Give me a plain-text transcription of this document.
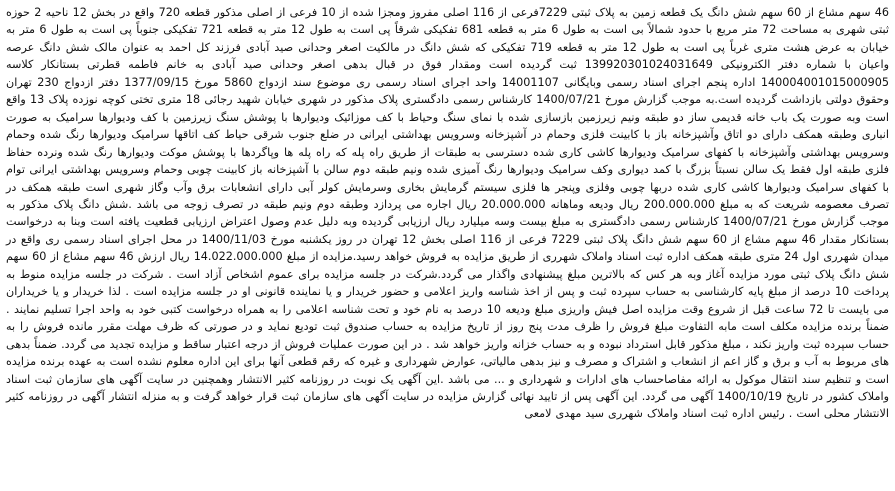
46 سهم مشاع از 60 سهم شش دانگ یک قطعه زمین به پلاک ثبتی 7229فرعی از 116 اصلی مفروز ومجزا شده از 10 فرعی از اصلی مذکور قطعه 720 واقع در بخش 12 ناحیه 2 حوزه ثبتی شهری به مساحت 72 متر مربع با حدود شمالاً بی است به طول 6 متر به قطعه 681 تفکیکی شرقاً پی است به طول 12 متر به قطعه 721 تفکیکی جنوباً پی است به طول 6 متر به خیابان به عرض هشت متری غرباً پی است به طول 12 متر به قطعه 719 تفکیکی که شش دانگ در مالکیت اصغر وحدانی صید آبادی فرزند کل احمد به عنوان مالک شش دانگ عرصه واعیان با شماره دفتر الکترونیکی 139920301024031649 ثبت گردیده است ومقدار فوق در قبال بدهی اصغر وحدانی صید آبادی به خانم فاطمه قطرتی بستانکار کلاسه 140004001015000905 اداره پنجم اجرای اسناد رسمی وبایگانی 14001107 واحد اجرای اسناد رسمی ری موضوع سند ازدواج 5860 مورخ 1377/09/15 دفتر ازدواج 230 تهران وحقوق دولتی بازداشت گردیده است.به موجب گزارش مورخ 1400/07/21 کارشناس رسمی دادگستری پلاک مذکور در شهری خیابان شهید رجائی 18 متری تختی کوچه نوزده پلاک 13 واقع است وبه صورت یک باب خانه قدیمی ساز دو طبقه ونیم زیرزمین بازسازی شده با نمای سنگ وحیاط با کف موزائیک ودیوارها با پوشش سنگ زیرزمین با کف ودیوارها سرامیک به صورت انباری وطبقه همکف دارای دو اتاق وآشپزخانه باز با کابینت فلزی وحمام در آشپزخانه وسرویس بهداشتی ایرانی در ضلع جنوب شرقی حیاط کف اتاقها سرامیک ودیوارها رنگ شده وحمام وسرویس بهداشتی وآشپزخانه با کفهای سرامیک ودیوارها کاشی کاری شده دسترسی به طبقات از طریق راه پله که راه پله ها وپاگردها با پوشش موکت ودیوارها رنگ شده ونرده حفاظ فلزی طبقه اول فقط یک سالن نسبتاً بزرگ با کمد دیواری وکف سرامیک ودیوارها رنگ آمیزی شده ونیم طبقه دوم سالن با آشپزخانه باز کابینت چوبی وحمام وسرویس بهداشتی ایرانی توام با کفهای سرامیک ودیوارها کاشی کاری شده دربها چوبی وفلزی وپنجر ها فلزی سیستم گرمایش بخاری وسرمایش کولر آبی دارای انشعابات برق وآب وگاز شهری است طبقه همکف در تصرف معصومه شریعت که به مبلغ 200.000.000 ریال ودیعه وماهانه 20.000.000 ریال اجاره می پردازد وطبقه دوم ونیم طبقه در تصرف زوجه می باشد .شش دانگ پلاک مذکور به موجب گزارش مورخ 1400/07/21 کارشناس رسمی دادگستری به مبلغ بیست وسه میلیارد ریال ارزیابی گردیده وبه دلیل عدم وصول اعتراض ارزیابی قطعیت یافته است وبنا به درخواست بستانکار مقدار 46 سهم مشاع از 60 سهم شش دانگ پلاک ثبتی 7229 فرعی از 116 اصلی بخش 12 تهران در روز یکشنبه مورخ 1400/11/03 در محل اجرای اسناد رسمی ری واقع در میدان شهرری اول 24 متری طبقه همکف اداره ثبت اسناد واملاک شهرری از طریق مزایده به فروش خواهد رسید.مزایده از مبلغ 14.022.000.000 ریال ارزش 46 سهم مشاع از 60 سهم شش دانگ پلاک ثبتی مورد مزایده آغاز وبه هر کس که بالاترین مبلغ پیشنهادی واگذار می گردد.شرکت در جلسه مزایده برای عموم اشخاص آزاد است . شرکت در جلسه مزایده منوط به پرداخت 10 درصد از مبلغ پایه کارشناسی به حساب سپرده ثبت و پس از اخذ شناسه واریز اعلامی و حضور خریدار و یا نماینده قانونی او در جلسه مزایده است . لذا خریدار و یا خریداران می بایست تا 72 ساعت قبل از شروع وقت مزایده اصل فیش واریزی مبلغ ودیعه 10 درصد به نام خود و تحت شناسه اعلامی را به همراه درخواست کتبی خود به واحد اجرا تسلیم نمایند . ضمناً برنده مزایده مکلف است مابه التفاوت مبلغ فروش را ظرف مدت پنج روز از تاریخ مزایده به حساب صندوق ثبت تودیع نماید و در صورتی که ظرف مهلت مقرر مانده فروش را به حساب سپرده ثبت واریز نکند ، مبلغ مذکور قابل استرداد نبوده و به حساب خزانه واریز خواهد شد . در این صورت عملیات فروش از درجه اعتبار ساقط و مزایده تجدید می گردد. ضمناً بدهی های مربوط به آب و برق و گاز اعم از انشعاب و اشتراک و مصرف و نیز بدهی مالیاتی، عوارض شهرداری و غیره که رقم قطعی آنها برای این اداره معلوم نشده است به عهده برنده مزایده است و تنظیم سند انتقال موکول به ارائه مفاصاحساب های ادارات و شهرداری و ... می باشد .این آگهی یک نوبت در روزنامه کثیر الانتشار وهمچنین در سایت آگهی های سازمان ثبت اسناد واملاک کشور در تاریخ 1400/10/19 آگهی می گردد. این آگهی پس از تایید نهائی گزارش مزایده در سایت آگهی های سازمان ثبت قرار خواهد گرفت و به منزله انتشار آگهی در روزنامه کثیر الانتشار محلی است . رئیس اداره ثبت اسناد واملاک شهرری سید مهدی لامعی
